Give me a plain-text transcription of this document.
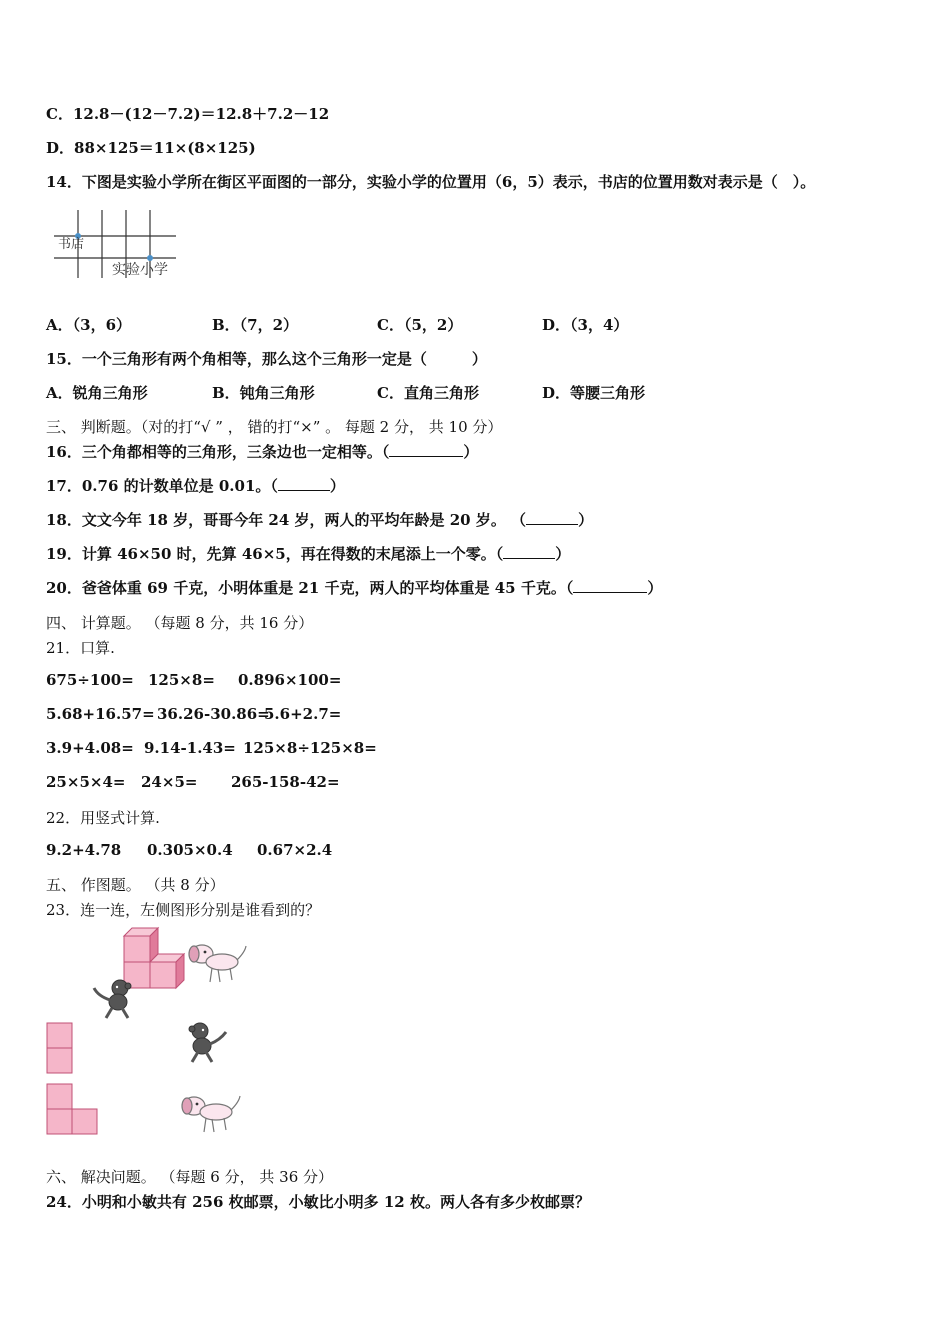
C．12.8－(12－7.2)＝12.8＋7.2－12
D．88×125＝11×(8×125)
14．下图是实验小学所在街区平面图的一部分，实验小学的位置用（6，5）表示，书店的位置用数对表示是（　）。
书店
实验小学
A．（3，6）	B．（7，2）	C．（5，2）	D．（3，4）
15．一个三角形有两个角相等，那么这个三角形一定是（　　　）
A．锐角三角形	B．钝角三角形	C．直角三角形	D．等腰三角形
三、 判断题。（对的打“√ ” ， 错的打“×” 。 每题 2 分， 共 10 分）
16．三个角都相等的三角形，三条边也一定相等。（	）
17．0.76 的计数单位是 0.01。（	）
18．文文今年 18 岁，哥哥今年 24 岁，两人的平均年龄是 20 岁。 （	）
19．计算 46×50 时，先算 46×5，再在得数的末尾添上一个零。（	）
20．爸爸体重 69 千克，小明体重是 21 千克，两人的平均体重是 45 千克。（	）
四、 计算题。 （每题 8 分，共 16 分）
21．口算.
675÷100= 125×8= 0.896×100=
5.68+16.57= 36.26-30.86=
5.6+2.7=
3.9+4.08= 9.14-1.43= 125×8÷125×8=
25×5×4= 24×5= 265-158-42=
22．用竖式计算.
9.2+4.78 0.305×0.4 0.67×2.4
五、 作图题。 （共 8 分）
23．连一连，左侧图形分别是谁看到的？
六、 解决问题。 （每题 6 分， 共 36 分）
24．小明和小敏共有 256 枚邮票，小敏比小明多 12 枚。两人各有多少枚邮票？
